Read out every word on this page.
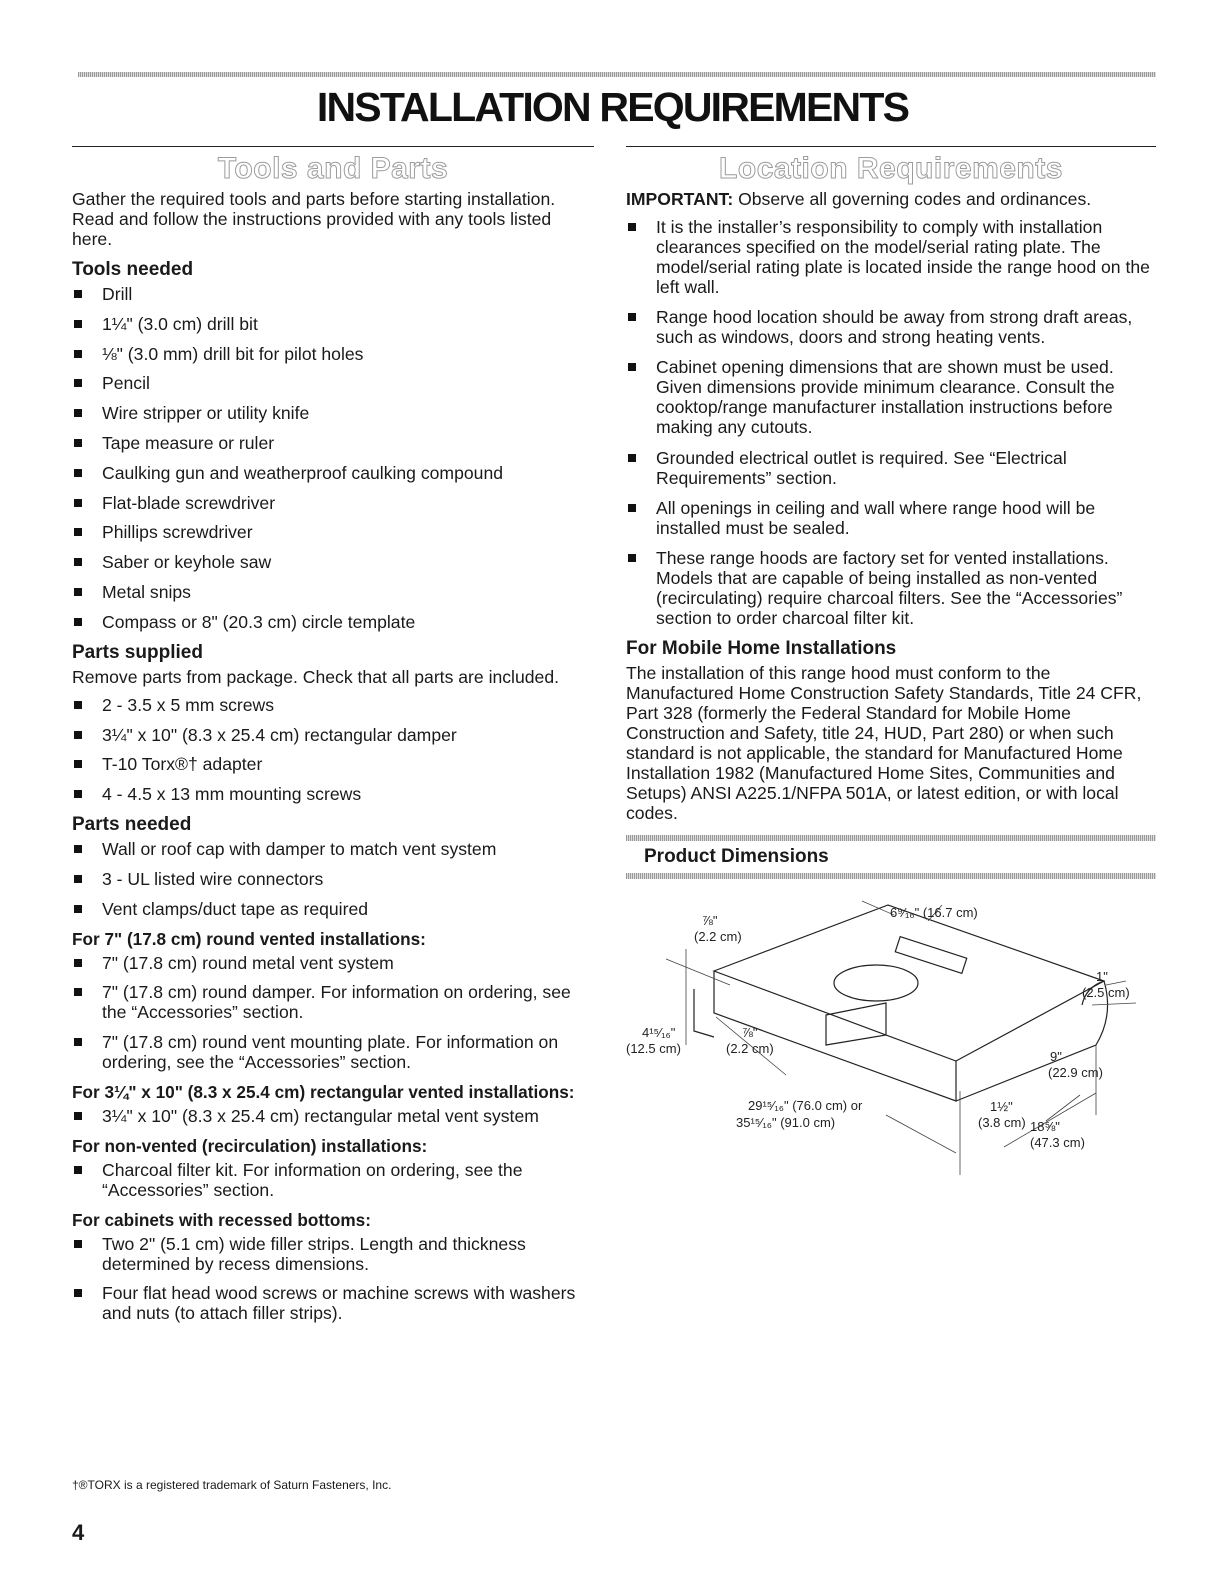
INSTALLATION REQUIREMENTS
Tools and Parts

Gather the required tools and parts before starting installation. Read and follow the instructions provided with any tools listed here.

Tools needed
Drill
1¼" (3.0 cm) drill bit
⅛" (3.0 mm) drill bit for pilot holes
Pencil
Wire stripper or utility knife
Tape measure or ruler
Caulking gun and weatherproof caulking compound
Flat-blade screwdriver
Phillips screwdriver
Saber or keyhole saw
Metal snips
Compass or 8" (20.3 cm) circle template
Parts supplied

Remove parts from package. Check that all parts are included.

2 - 3.5 x 5 mm screws
3¼" x 10" (8.3 x 25.4 cm) rectangular damper
T-10 Torx®† adapter
4 - 4.5 x 13 mm mounting screws
Parts needed
Wall or roof cap with damper to match vent system
3 - UL listed wire connectors
Vent clamps/duct tape as required
For 7" (17.8 cm) round vented installations:
7" (17.8 cm) round metal vent system
7" (17.8 cm) round damper. For information on ordering, see the “Accessories” section.
7" (17.8 cm) round vent mounting plate. For information on ordering, see the “Accessories” section.
For 3¼" x 10" (8.3 x 25.4 cm) rectangular vented installations:
3¼" x 10" (8.3 x 25.4 cm) rectangular metal vent system
For non-vented (recirculation) installations:
Charcoal filter kit. For information on ordering, see the “Accessories” section.
For cabinets with recessed bottoms:
Two 2" (5.1 cm) wide filler strips. Length and thickness determined by recess dimensions.
Four flat head wood screws or machine screws with washers and nuts (to attach filler strips).
Location Requirements

IMPORTANT: Observe all governing codes and ordinances.

It is the installer’s responsibility to comply with installation clearances specified on the model/serial rating plate. The model/serial rating plate is located inside the range hood on the left wall.
Range hood location should be away from strong draft areas, such as windows, doors and strong heating vents.
Cabinet opening dimensions that are shown must be used. Given dimensions provide minimum clearance. Consult the cooktop/range manufacturer installation instructions before making any cutouts.
Grounded electrical outlet is required. See “Electrical Requirements” section.
All openings in ceiling and wall where range hood will be installed must be sealed.
These range hoods are factory set for vented installations. Models that are capable of being installed as non-vented (recirculating) require charcoal filters. See the “Accessories” section to order charcoal filter kit.
For Mobile Home Installations

The installation of this range hood must conform to the Manufactured Home Construction Safety Standards, Title 24 CFR, Part 328 (formerly the Federal Standard for Mobile Home Construction and Safety, title 24, HUD, Part 280) or when such standard is not applicable, the standard for Manufactured Home Installation 1982 (Manufactured Home Sites, Communities and Setups) ANSI A225.1/NFPA 501A, or latest edition, or with local codes.

Product Dimensions
⅞"
(2.2 cm)
6⁹⁄₁₆" (16.7 cm)
1"
(2.5 cm)
4¹⁵⁄₁₆"
(12.5 cm)
⅞"
(2.2 cm)
9"
(22.9 cm)
29¹⁵⁄₁₆" (76.0 cm) or
35¹⁵⁄₁₆" (91.0 cm)
1½"
(3.8 cm) 18⅝"
(47.3 cm)
†®TORX is a registered trademark of Saturn Fasteners, Inc.
4
